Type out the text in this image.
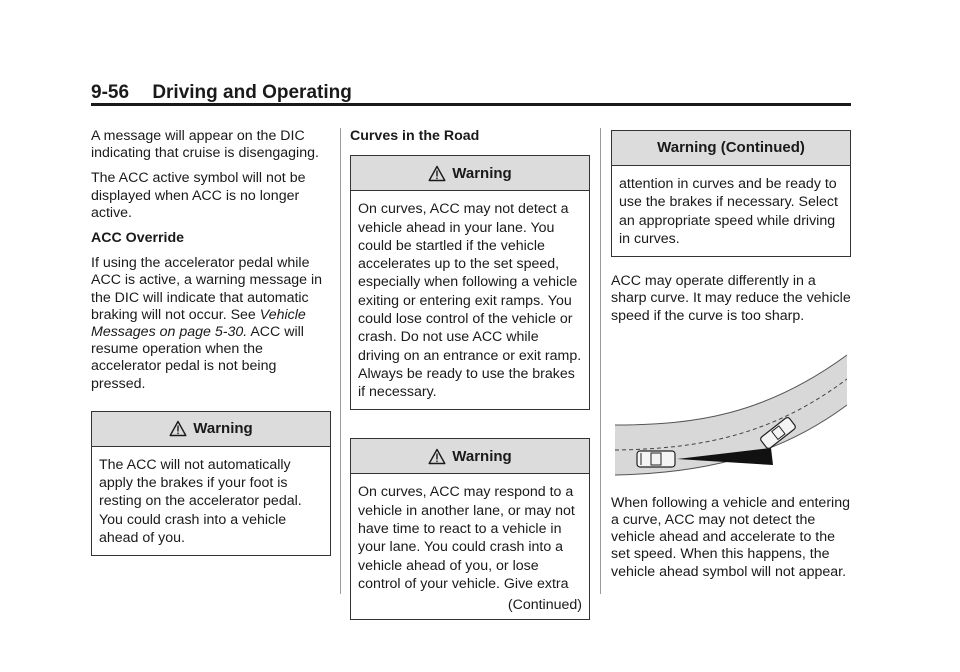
9-56 Driving and Operating

A message will appear on the DIC indicating that cruise is disengaging.

The ACC active symbol will not be displayed when ACC is no longer active.

ACC Override

If using the accelerator pedal while ACC is active, a warning message in the DIC will indicate that automatic braking will not occur. See Vehicle Messages on page 5-30. ACC will resume operation when the accelerator pedal is not being pressed.

Warning
The ACC will not automatically apply the brakes if your foot is resting on the accelerator pedal. You could crash into a vehicle ahead of you.

Curves in the Road

Warning
On curves, ACC may not detect a vehicle ahead in your lane. You could be startled if the vehicle accelerates up to the set speed, especially when following a vehicle exiting or entering exit ramps. You could lose control of the vehicle or crash. Do not use ACC while driving on an entrance or exit ramp. Always be ready to use the brakes if necessary.
Warning
On curves, ACC may respond to a vehicle in another lane, or may not have time to react to a vehicle in your lane. You could crash into a vehicle ahead of you, or lose control of your vehicle. Give extra
(Continued)
Warning (Continued)
attention in curves and be ready to use the brakes if necessary. Select an appropriate speed while driving in curves.

ACC may operate differently in a sharp curve. It may reduce the vehicle speed if the curve is too sharp.

When following a vehicle and entering a curve, ACC may not detect the vehicle ahead and accelerate to the set speed. When this happens, the vehicle ahead symbol will not appear.
